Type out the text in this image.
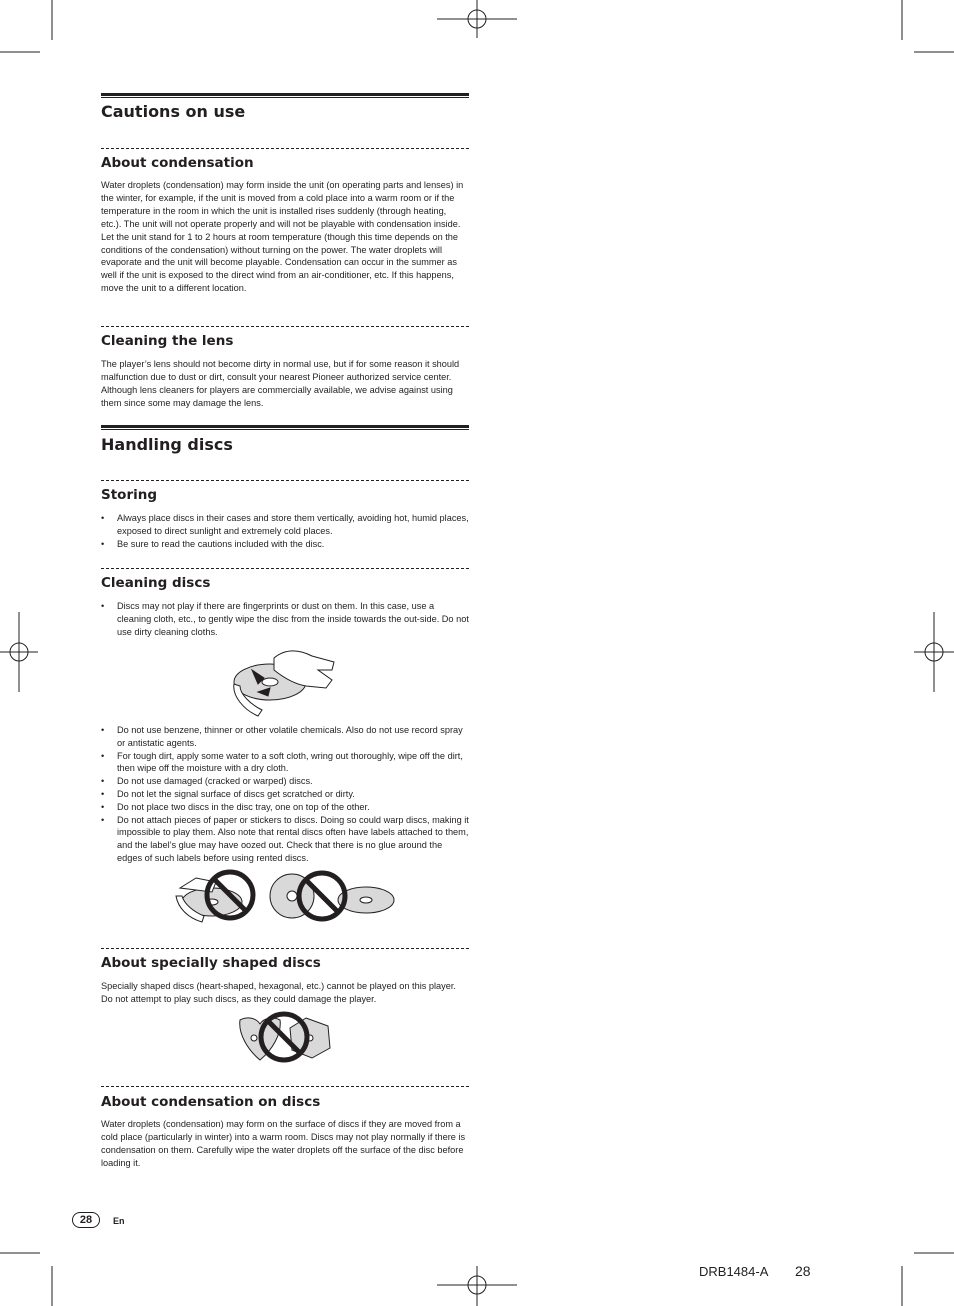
Cautions on use
About condensation

Water droplets (condensation) may form inside the unit (on operating parts and lenses) in the winter, for example, if the unit is moved from a cold place into a warm room or if the temperature in the room in which the unit is installed rises suddenly (through heating, etc.). The unit will not operate properly and will not be playable with condensation inside. Let the unit stand for 1 to 2 hours at room temperature (though this time depends on the conditions of the condensation) without turning on the power. The water droplets will evaporate and the unit will become playable. Condensation can occur in the summer as well if the unit is exposed to the direct wind from an air-conditioner, etc. If this happens, move the unit to a different location.

Cleaning the lens

The player’s lens should not become dirty in normal use, but if for some reason it should malfunction due to dust or dirt, consult your nearest Pioneer authorized service center. Although lens cleaners for players are commercially available, we advise against using them since some may damage the lens.

Handling discs
Storing
• Always place discs in their cases and store them vertically, avoiding hot, humid places, exposed to direct sunlight and extremely cold places.
• Be sure to read the cautions included with the disc.
Cleaning discs
• Discs may not play if there are fingerprints or dust on them. In this case, use a cleaning cloth, etc., to gently wipe the disc from the inside towards the out-side. Do not use dirty cleaning cloths.
• Do not use benzene, thinner or other volatile chemicals. Also do not use record spray or antistatic agents.
• For tough dirt, apply some water to a soft cloth, wring out thoroughly, wipe off the dirt, then wipe off the moisture with a dry cloth.
• Do not use damaged (cracked or warped) discs.
• Do not let the signal surface of discs get scratched or dirty.
• Do not place two discs in the disc tray, one on top of the other.
• Do not attach pieces of paper or stickers to discs. Doing so could warp discs, making it impossible to play them. Also note that rental discs often have labels attached to them, and the label’s glue may have oozed out. Check that there is no glue around the edges of such labels before using rented discs.
About specially shaped discs

Specially shaped discs (heart-shaped, hexagonal, etc.) cannot be played on this player. Do not attempt to play such discs, as they could damage the player.

About condensation on discs

Water droplets (condensation) may form on the surface of discs if they are moved from a cold place (particularly in winter) into a warm room. Discs may not play normally if there is condensation on them. Carefully wipe the water droplets off the surface of the disc before loading it.

28	En
DRB1484-A 28
